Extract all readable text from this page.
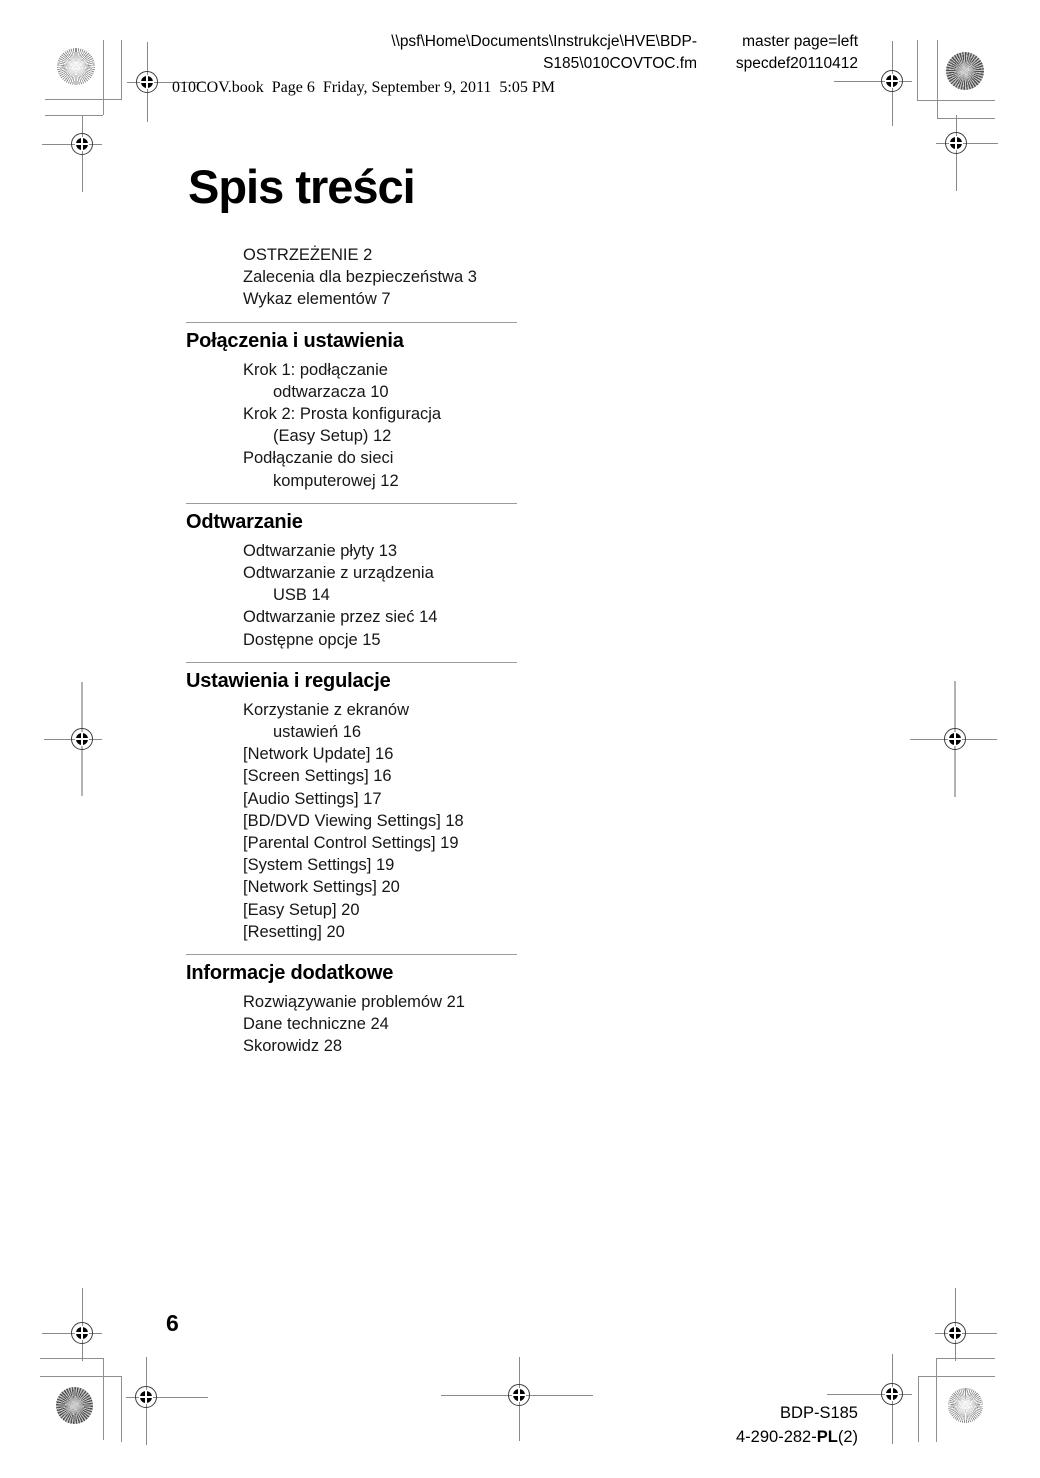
\\psf\Home\Documents\Instrukcje\HVE\BDP-
S185\010COVTOC.fm
master page=left
specdef20110412
010COV.book  Page 6  Friday, September 9, 2011  5:05 PM
Spis treści
OSTRZEŻENIE 2
Zalecenia dla bezpieczeństwa 3
Wykaz elementów 7
Połączenia i ustawienia
Krok 1: podłączanie
odtwarzacza 10
Krok 2: Prosta konfiguracja
(Easy Setup) 12
Podłączanie do sieci
komputerowej 12
Odtwarzanie
Odtwarzanie płyty 13
Odtwarzanie z urządzenia
USB 14
Odtwarzanie przez sieć 14
Dostępne opcje 15
Ustawienia i regulacje
Korzystanie z ekranów
ustawień 16
[Network Update] 16
[Screen Settings] 16
[Audio Settings] 17
[BD/DVD Viewing Settings] 18
[Parental Control Settings] 19
[System Settings] 19
[Network Settings] 20
[Easy Setup] 20
[Resetting] 20
Informacje dodatkowe
Rozwiązywanie problemów 21
Dane techniczne 24
Skorowidz 28
6
BDP-S185
4-290-282-PL(2)
